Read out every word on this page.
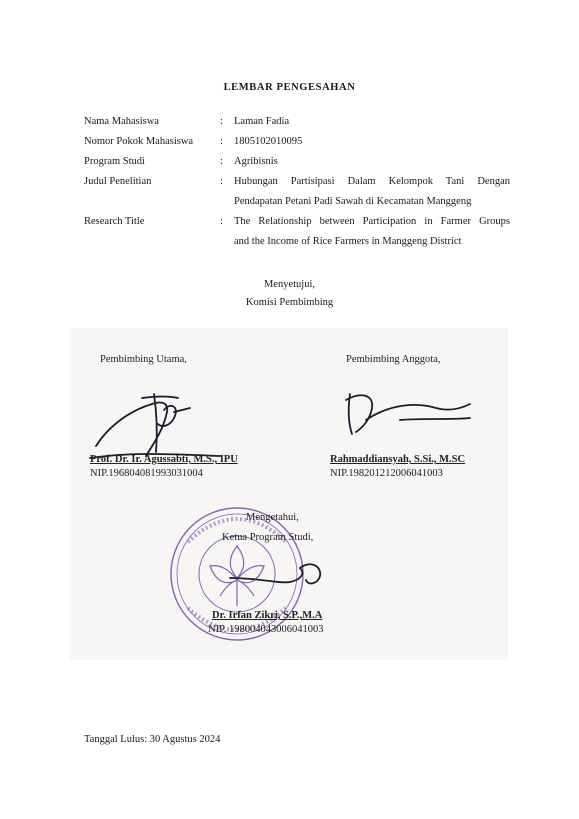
LEMBAR PENGESAHAN
Nama Mahasiswa	:	Laman Fadia
Nomor Pokok Mahasiswa	:	1805102010095
Program Studi	:	Agribisnis
Judul Penelitian	:	Hubungan Partisipasi Dalam Kelompok Tani Dengan
Pendapatan Petani Padi Sawah di Kecamatan Manggeng
Research Title	:	The Relationship between Participation in Farmer Groups
and the Income of Rice Farmers in Manggeng District
Menyetujui,
Komisi Pembimbing
Pembimbing Utama,	Pembimbing Anggota,
Prof. Dr. Ir. Agussabti, M.S., IPU
NIP.196804081993031004
Rahmaddiansyah, S.Si., M.SC
NIP.198201212006041003
Mengetahui,
Ketua Program Studi,
Dr. Irfan Zikri, S.P.,M.A
NIP. 198004043006041003
Tanggal Lulus: 30 Agustus 2024
